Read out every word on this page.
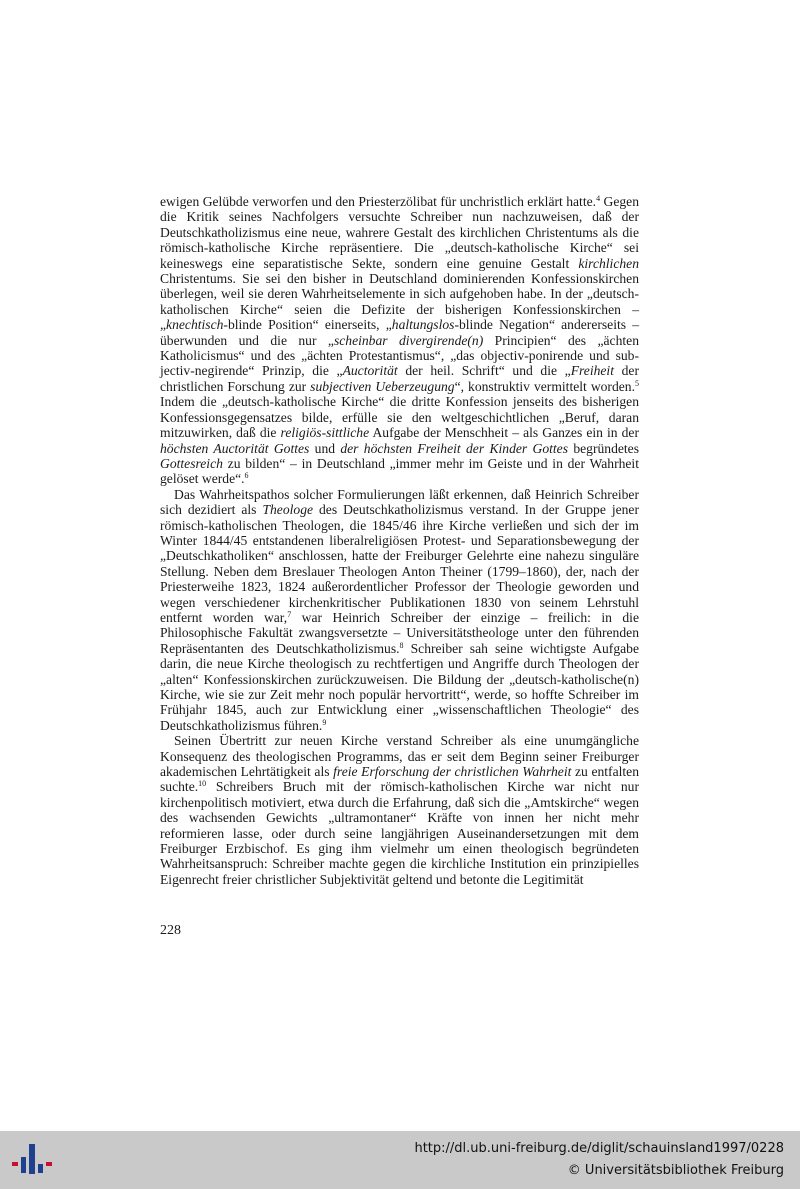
ewigen Gelübde verworfen und den Priesterzölibat für unchristlich erklärt hatte.$^4$ Gegen die Kritik seines Nachfolgers versuchte Schreiber nun nachzuweisen, daß der Deutschkatholizismus eine neue, wahrere Gestalt des kirchlichen Christentums als die römisch-katholische Kirche repräsentiere. Die „deutsch-katholische Kirche“ sei keineswegs eine separatistische Sekte, sondern eine genuine Gestalt kirchlichen Christentums. Sie sei den bisher in Deutschland dominierenden Konfessionskirchen überlegen, weil sie deren Wahrheitselemente in sich aufgehoben habe. In der „deutsch-katholischen Kirche“ seien die Defizite der bisherigen Konfessionskirchen – „knechtisch-blinde Position“ einerseits, „haltungslos-blinde Negation“ andererseits – überwunden und die nur „scheinbar divergirende(n) Principien“ des „ächten Katholicismus“ und des „ächten Protestantismus“, „das objectiv-ponirende und subjectiv-negirende“ Prinzip, die „Auctorität der heil. Schrift“ und die „Freiheit der christlichen Forschung zur subjectiven Ueberzeugung“, konstruktiv vermittelt worden.$^5$ Indem die „deutsch-katholische Kirche“ die dritte Konfession jenseits des bisherigen Konfessionsgegensatzes bilde, erfülle sie den weltgeschichtlichen „Beruf, daran mitzuwirken, daß die religiös-sittliche Aufgabe der Menschheit – als Ganzes ein in der höchsten Auctorität Gottes und der höchsten Freiheit der Kinder Gottes begründetes Gottesreich zu bilden“ – in Deutschland „immer mehr im Geiste und in der Wahrheit gelöset werde“.$^6$

Das Wahrheitspathos solcher Formulierungen läßt erkennen, daß Heinrich Schreiber sich dezidiert als Theologe des Deutschkatholizismus verstand. In der Gruppe jener römisch-katholischen Theologen, die 1845/46 ihre Kirche verließen und sich der im Winter 1844/45 entstandenen liberalreligiösen Protest- und Separationsbewegung der „Deutschkatholiken“ anschlossen, hatte der Freiburger Gelehrte eine nahezu singuläre Stellung. Neben dem Breslauer Theologen Anton Theiner (1799–1860), der, nach der Priesterweihe 1823, 1824 außerordentlicher Professor der Theologie geworden und wegen verschiedener kirchenkritischer Publikationen 1830 von seinem Lehrstuhl entfernt worden war,$^7$ war Heinrich Schreiber der einzige – freilich: in die Philosophische Fakultät zwangsversetzte – Universitätstheologe unter den führenden Repräsentanten des Deutschkatholizismus.$^8$ Schreiber sah seine wichtigste Aufgabe darin, die neue Kirche theologisch zu rechtfertigen und Angriffe durch Theologen der „alten“ Konfessionskirchen zurückzuweisen. Die Bildung der „deutsch-katholische(n) Kirche, wie sie zur Zeit mehr noch populär hervortritt“, werde, so hoffte Schreiber im Frühjahr 1845, auch zur Entwicklung einer „wissenschaftlichen Theologie“ des Deutschkatholizismus führen.$^9$

Seinen Übertritt zur neuen Kirche verstand Schreiber als eine unumgängliche Konsequenz des theologischen Programms, das er seit dem Beginn seiner Freiburger akademischen Lehrtätigkeit als freie Erforschung der christlichen Wahrheit zu entfalten suchte.$^{10}$ Schreibers Bruch mit der römisch-katholischen Kirche war nicht nur kirchenpolitisch motiviert, etwa durch die Erfahrung, daß sich die „Amtskirche“ wegen des wachsenden Gewichts „ultramontaner“ Kräfte von innen her nicht mehr reformieren lasse, oder durch seine langjährigen Auseinandersetzungen mit dem Freiburger Erzbischof. Es ging ihm vielmehr um einen theologisch begründeten Wahrheitsanspruch: Schreiber machte gegen die kirchliche Institution ein prinzipielles Eigenrecht freier christlicher Subjektivität geltend und betonte die Legitimität

228
http://dl.ub.uni-freiburg.de/diglit/schauinsland1997/0228
© Universitätsbibliothek Freiburg
